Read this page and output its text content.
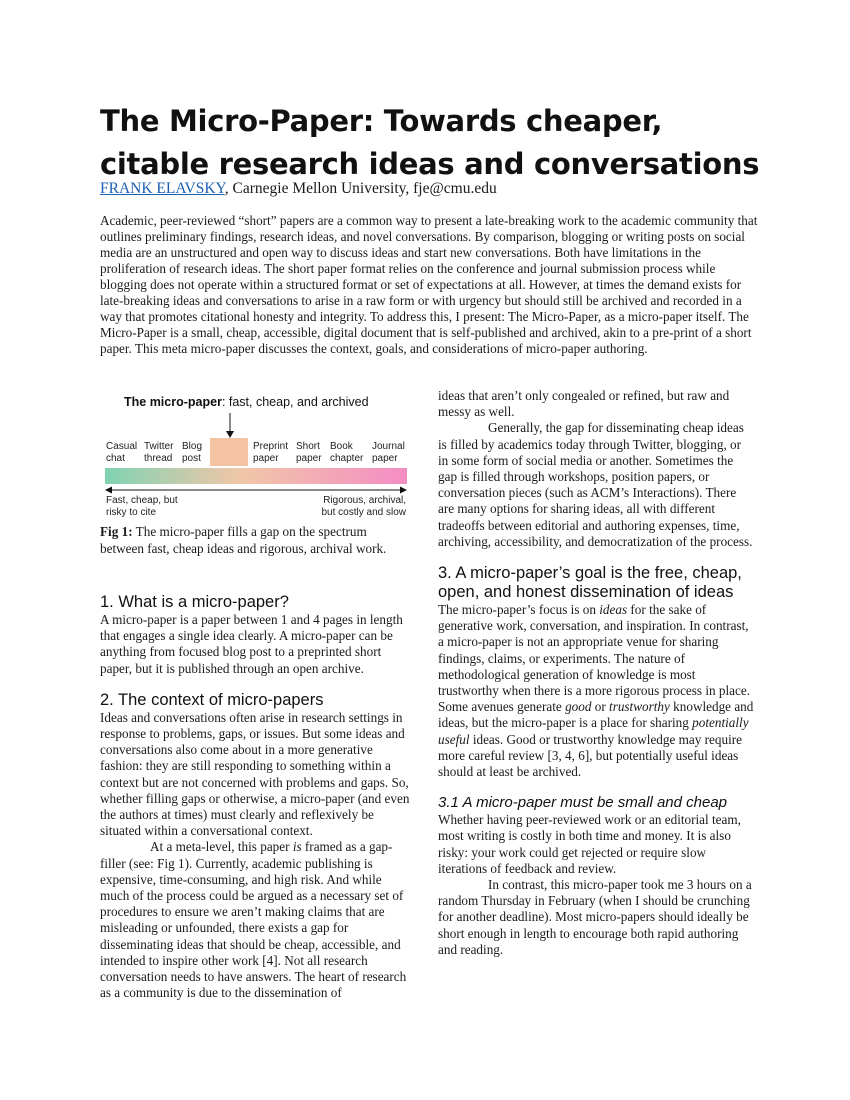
The Micro-Paper: Towards cheaper, citable research ideas and conversations

FRANK ELAVSKY, Carnegie Mellon University, fje@cmu.edu

Academic, peer-reviewed “short” papers are a common way to present a late-breaking work to the academic community that outlines preliminary findings, research ideas, and novel conversations. By comparison, blogging or writing posts on social media are an unstructured and open way to discuss ideas and start new conversations. Both have limitations in the proliferation of research ideas. The short paper format relies on the conference and journal submission process while blogging does not operate within a structured format or set of expectations at all. However, at times the demand exists for late-breaking ideas and conversations to arise in a raw form or with urgency but should still be archived and recorded in a way that promotes citational honesty and integrity. To address this, I present: The Micro-Paper, as a micro-paper itself. The Micro-Paper is a small, cheap, accessible, digital document that is self-published and archived, akin to a pre-print of a short paper. This meta micro-paper discusses the context, goals, and considerations of micro-paper authoring.

The micro-paper: fast, cheap, and archived
Casual
chat
Twitter
thread
Blog
post
Preprint
paper
Short
paper
Book
chapter
Journal
paper
Fast, cheap, but
risky to cite
Rigorous, archival,
but costly and slow

Fig 1: The micro-paper fills a gap on the spectrum between fast, cheap ideas and rigorous, archival work.

1. What is a micro-paper?

A micro-paper is a paper between 1 and 4 pages in length that engages a single idea clearly. A micro-paper can be anything from focused blog post to a preprinted short paper, but it is published through an open archive.

2. The context of micro-papers

Ideas and conversations often arise in research settings in response to problems, gaps, or issues. But some ideas and conversations also come about in a more generative fashion: they are still responding to something within a context but are not concerned with problems and gaps. So, whether filling gaps or otherwise, a micro-paper (and even the authors at times) must clearly and reflexively be situated within a conversational context.

At a meta-level, this paper is framed as a gap-filler (see: Fig 1). Currently, academic publishing is expensive, time-consuming, and high risk. And while much of the process could be argued as a necessary set of procedures to ensure we aren’t making claims that are misleading or unfounded, there exists a gap for disseminating ideas that should be cheap, accessible, and intended to inspire other work [4]. Not all research conversation needs to have answers. The heart of research as a community is due to the dissemination of

ideas that aren’t only congealed or refined, but raw and messy as well.

Generally, the gap for disseminating cheap ideas is filled by academics today through Twitter, blogging, or in some form of social media or another. Sometimes the gap is filled through workshops, position papers, or conversation pieces (such as ACM’s Interactions). There are many options for sharing ideas, all with different tradeoffs between editorial and authoring expenses, time, archiving, accessibility, and democratization of the process.

3. A micro-paper’s goal is the free, cheap, open, and honest dissemination of ideas

The micro-paper’s focus is on ideas for the sake of generative work, conversation, and inspiration. In contrast, a micro-paper is not an appropriate venue for sharing findings, claims, or experiments. The nature of methodological generation of knowledge is most trustworthy when there is a more rigorous process in place. Some avenues generate good or trustworthy knowledge and ideas, but the micro-paper is a place for sharing potentially useful ideas. Good or trustworthy knowledge may require more careful review [3, 4, 6], but potentially useful ideas should at least be archived.

3.1 A micro-paper must be small and cheap

Whether having peer-reviewed work or an editorial team, most writing is costly in both time and money. It is also risky: your work could get rejected or require slow iterations of feedback and review.

In contrast, this micro-paper took me 3 hours on a random Thursday in February (when I should be crunching for another deadline). Most micro-papers should ideally be short enough in length to encourage both rapid authoring and reading.
